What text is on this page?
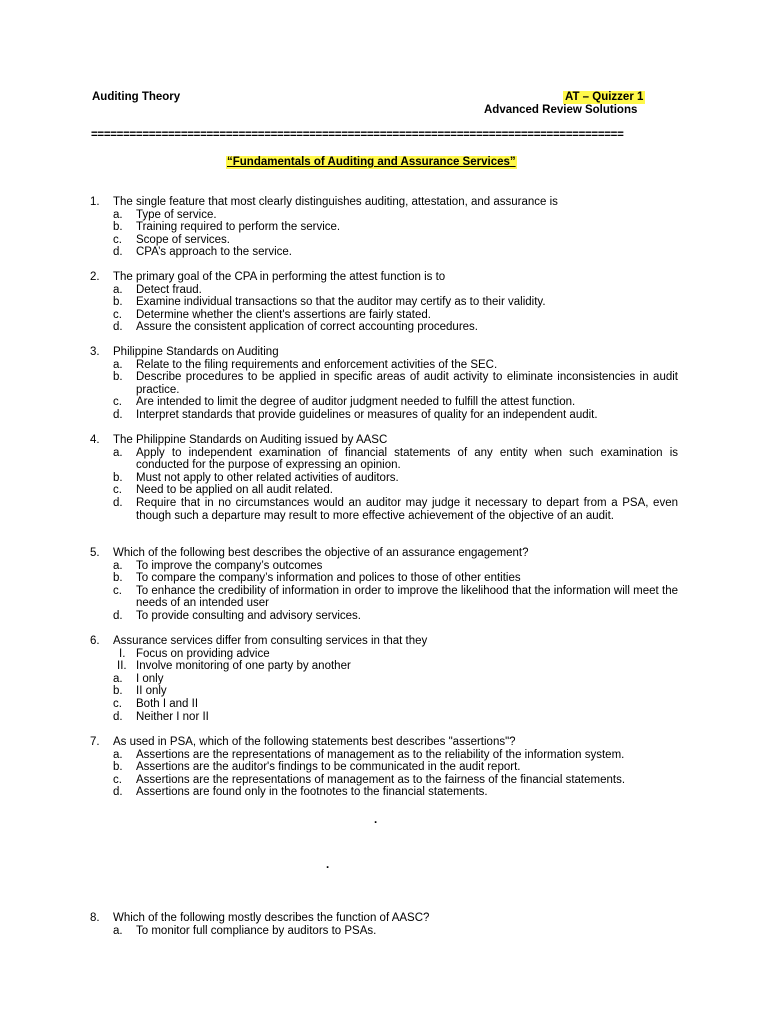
Auditing Theory	AT – Quizzer 1
Advanced Review Solutions
===================================================================================
“Fundamentals of Auditing and Assurance Services”
1. The single feature that most clearly distinguishes auditing, attestation, and assurance is
a. Type of service.
b. Training required to perform the service.
c. Scope of services.
d. CPA’s approach to the service.
2. The primary goal of the CPA in performing the attest function is to
a. Detect fraud.
b. Examine individual transactions so that the auditor may certify as to their validity.
c. Determine whether the client's assertions are fairly stated.
d. Assure the consistent application of correct accounting procedures.
3. Philippine Standards on Auditing
a. Relate to the filing requirements and enforcement activities of the SEC.
b. Describe procedures to be applied in specific areas of audit activity to eliminate inconsistencies in audit practice.
c. Are intended to limit the degree of auditor judgment needed to fulfill the attest function.
d. Interpret standards that provide guidelines or measures of quality for an independent audit.
4. The Philippine Standards on Auditing issued by AASC
a. Apply to independent examination of financial statements of any entity when such examination is conducted for the purpose of expressing an opinion.
b. Must not apply to other related activities of auditors.
c. Need to be applied on all audit related.
d. Require that in no circumstances would an auditor may judge it necessary to depart from a PSA, even though such a departure may result to more effective achievement of the objective of an audit.
5. Which of the following best describes the objective of an assurance engagement?
a. To improve the company’s outcomes
b. To compare the company’s information and polices to those of other entities
c. To enhance the credibility of information in order to improve the likelihood that the information will meet the needs of an intended user
d. To provide consulting and advisory services.
6. Assurance services differ from consulting services in that they
I. Focus on providing advice
II. Involve monitoring of one party by another
a. I only
b. II only
c. Both I and II
d. Neither I nor II
7. As used in PSA, which of the following statements best describes "assertions"?
a. Assertions are the representations of management as to the reliability of the information system.
b. Assertions are the auditor's findings to be communicated in the audit report.
c. Assertions are the representations of management as to the fairness of the financial statements.
d. Assertions are found only in the footnotes to the financial statements.
.
.
8. Which of the following mostly describes the function of AASC?
a. To monitor full compliance by auditors to PSAs.
